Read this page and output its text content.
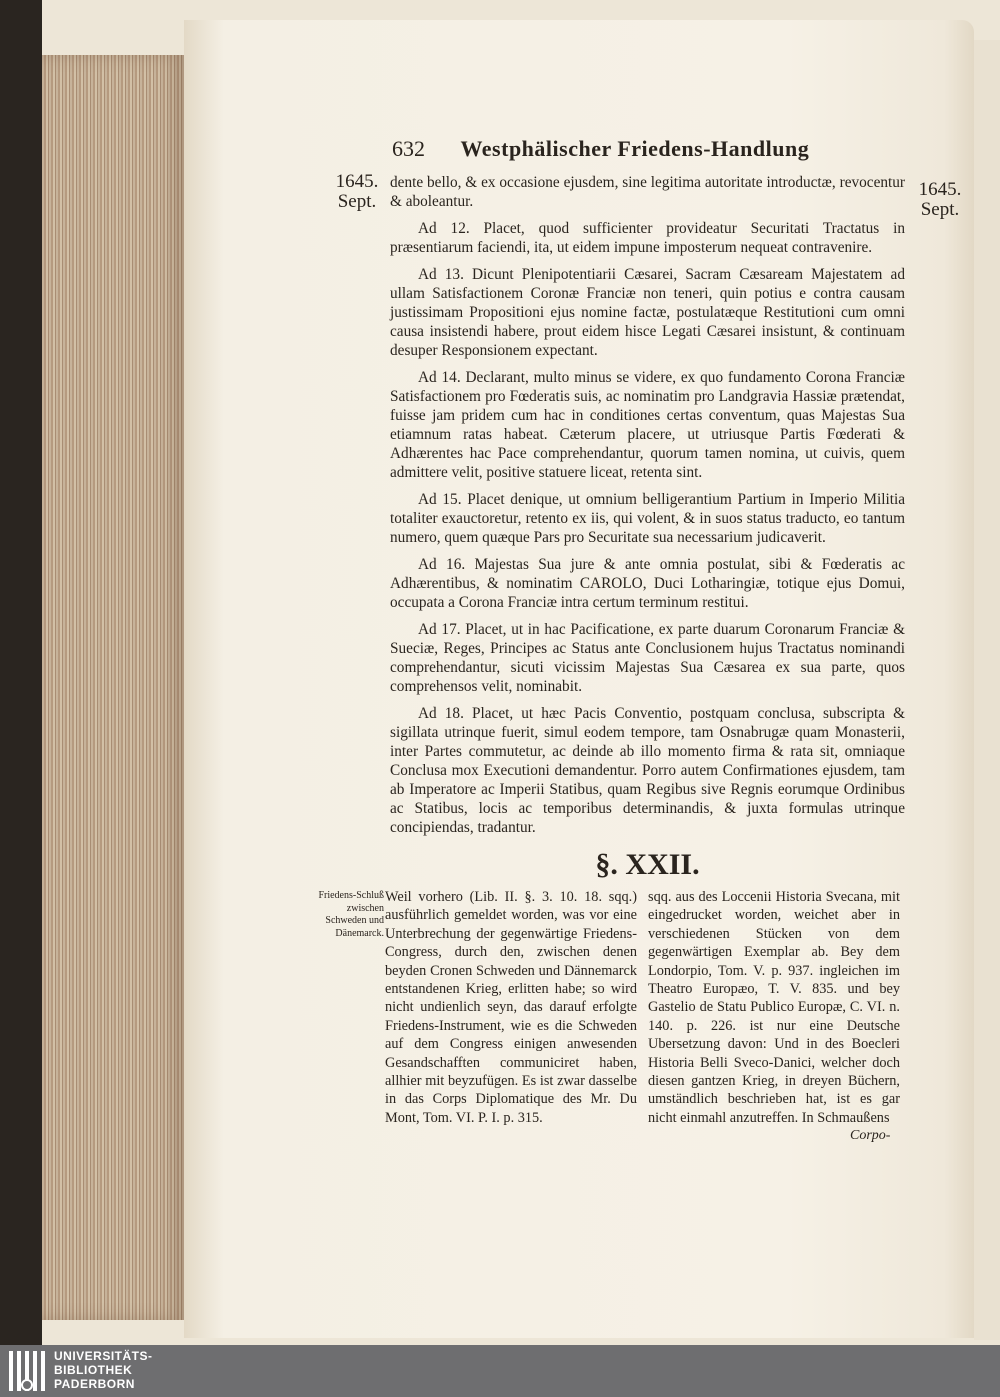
632 Westphälischer Friedens-Handlung
1645.
Sept.
1645.
Sept.

dente bello, & ex occasione ejusdem, sine legitima autoritate introductæ, revocentur & aboleantur.

Ad 12. Placet, quod sufficienter provideatur Securitati Tractatus in præsentiarum faciendi, ita, ut eidem impune imposterum nequeat contravenire.

Ad 13. Dicunt Plenipotentiarii Cæsarei, Sacram Cæsaream Majestatem ad ullam Satisfactionem Coronæ Franciæ non teneri, quin potius e contra causam justissimam Propositioni ejus nomine factæ, postulatæque Restitutioni cum omni causa insistendi habere, prout eidem hisce Legati Cæsarei insistunt, & continuam desuper Responsionem expectant.

Ad 14. Declarant, multo minus se videre, ex quo fundamento Corona Franciæ Satisfactionem pro Fœderatis suis, ac nominatim pro Landgravia Hassiæ prætendat, fuisse jam pridem cum hac in conditiones certas conventum, quas Majestas Sua etiamnum ratas habeat. Cæterum placere, ut utriusque Partis Fœderati & Adhærentes hac Pace comprehendantur, quorum tamen nomina, ut cuivis, quem admittere velit, positive statuere liceat, retenta sint.

Ad 15. Placet denique, ut omnium belligerantium Partium in Imperio Militia totaliter exauctoretur, retento ex iis, qui volent, & in suos status traducto, eo tantum numero, quem quæque Pars pro Securitate sua necessarium judicaverit.

Ad 16. Majestas Sua jure & ante omnia postulat, sibi & Fœderatis ac Adhærentibus, & nominatim CAROLO, Duci Lotharingiæ, totique ejus Domui, occupata a Corona Franciæ intra certum terminum restitui.

Ad 17. Placet, ut in hac Pacificatione, ex parte duarum Coronarum Franciæ & Sueciæ, Reges, Principes ac Status ante Conclusionem hujus Tractatus nominandi comprehendantur, sicuti vicissim Majestas Sua Cæsarea ex sua parte, quos comprehensos velit, nominabit.

Ad 18. Placet, ut hæc Pacis Conventio, postquam conclusa, subscripta & sigillata utrinque fuerit, simul eodem tempore, tam Osnabrugæ quam Monasterii, inter Partes commutetur, ac deinde ab illo momento firma & rata sit, omniaque Conclusa mox Executioni demandentur. Porro autem Confirmationes ejusdem, tam ab Imperatore ac Imperii Statibus, quam Regibus sive Regnis eorumque Ordinibus ac Statibus, locis ac temporibus determinandis, & juxta formulas utrinque concipiendas, tradantur.

§. XXII.
Friedens-Schluß zwischen Schweden und Dänemarck.
Weil vorhero (Lib. II. §. 3. 10. 18. sqq.) ausführlich gemeldet worden, was vor eine Unterbrechung der gegenwärtige Friedens-Congress, durch den, zwischen denen beyden Cronen Schweden und Dännemarck entstandenen Krieg, erlitten habe; so wird nicht undienlich seyn, das darauf erfolgte Friedens-Instrument, wie es die Schweden auf dem Congress einigen anwesenden Gesandschafften communiciret haben, allhier mit beyzufügen. Es ist zwar dasselbe in das Corps Diplomatique des Mr. Du Mont, Tom. VI. P. I. p. 315.
sqq. aus des Loccenii Historia Svecana, mit eingedrucket worden, weichet aber in verschiedenen Stücken von dem gegenwärtigen Exemplar ab. Bey dem Londorpio, Tom. V. p. 937. ingleichen im Theatro Europæo, T. V. 835. und bey Gastelio de Statu Publico Europæ, C. VI. n. 140. p. 226. ist nur eine Deutsche Ubersetzung davon: Und in des Boecleri Historia Belli Sveco-Danici, welcher doch diesen gantzen Krieg, in dreyen Büchern, umständlich beschrieben hat, ist es gar nicht einmahl anzutreffen. In Schmaußens
Corpo-
UNIVERSITÄTS-
BIBLIOTHEK
PADERBORN
